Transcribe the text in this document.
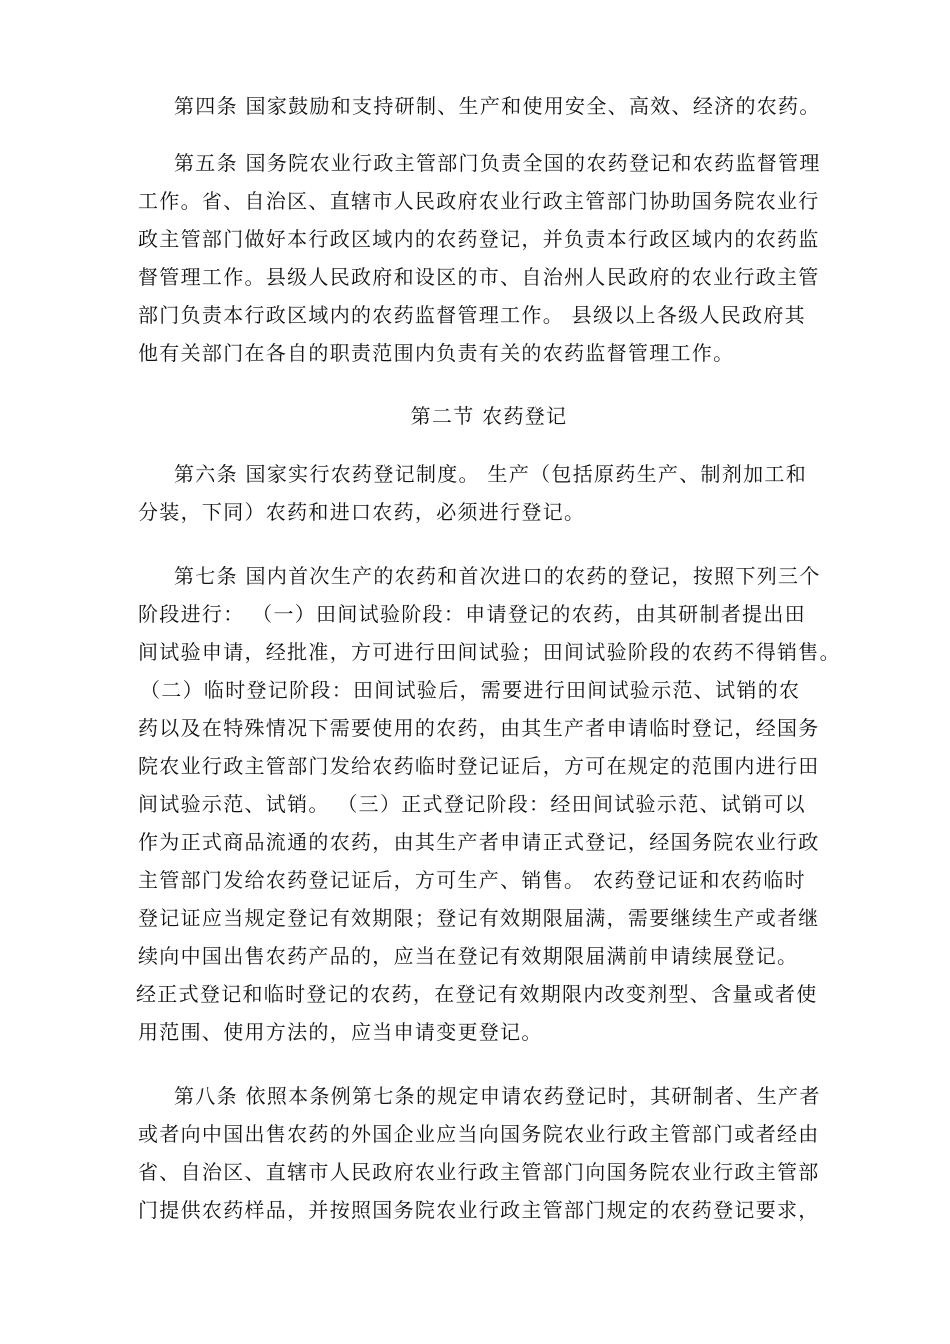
第四条 国家鼓励和支持研制、生产和使用安全、高效、经济的农药。
第五条 国务院农业行政主管部门负责全国的农药登记和农药监督管理
工作。省、自治区、直辖市人民政府农业行政主管部门协助国务院农业行
政主管部门做好本行政区域内的农药登记，并负责本行政区域内的农药监
督管理工作。县级人民政府和设区的市、自治州人民政府的农业行政主管
部门负责本行政区域内的农药监督管理工作。 县级以上各级人民政府其
他有关部门在各自的职责范围内负责有关的农药监督管理工作。
第二节 农药登记
第六条 国家实行农药登记制度。 生产（包括原药生产、制剂加工和
分装，下同）农药和进口农药，必须进行登记。
第七条 国内首次生产的农药和首次进口的农药的登记，按照下列三个
阶段进行： （一）田间试验阶段：申请登记的农药，由其研制者提出田
间试验申请，经批准，方可进行田间试验；田间试验阶段的农药不得销售。
（二）临时登记阶段：田间试验后，需要进行田间试验示范、试销的农
药以及在特殊情况下需要使用的农药，由其生产者申请临时登记，经国务
院农业行政主管部门发给农药临时登记证后，方可在规定的范围内进行田
间试验示范、试销。 （三）正式登记阶段：经田间试验示范、试销可以
作为正式商品流通的农药，由其生产者申请正式登记，经国务院农业行政
主管部门发给农药登记证后，方可生产、销售。 农药登记证和农药临时
登记证应当规定登记有效期限；登记有效期限届满，需要继续生产或者继
续向中国出售农药产品的，应当在登记有效期限届满前申请续展登记。
经正式登记和临时登记的农药，在登记有效期限内改变剂型、含量或者使
用范围、使用方法的，应当申请变更登记。
第八条 依照本条例第七条的规定申请农药登记时，其研制者、生产者
或者向中国出售农药的外国企业应当向国务院农业行政主管部门或者经由
省、自治区、直辖市人民政府农业行政主管部门向国务院农业行政主管部
门提供农药样品，并按照国务院农业行政主管部门规定的农药登记要求，
